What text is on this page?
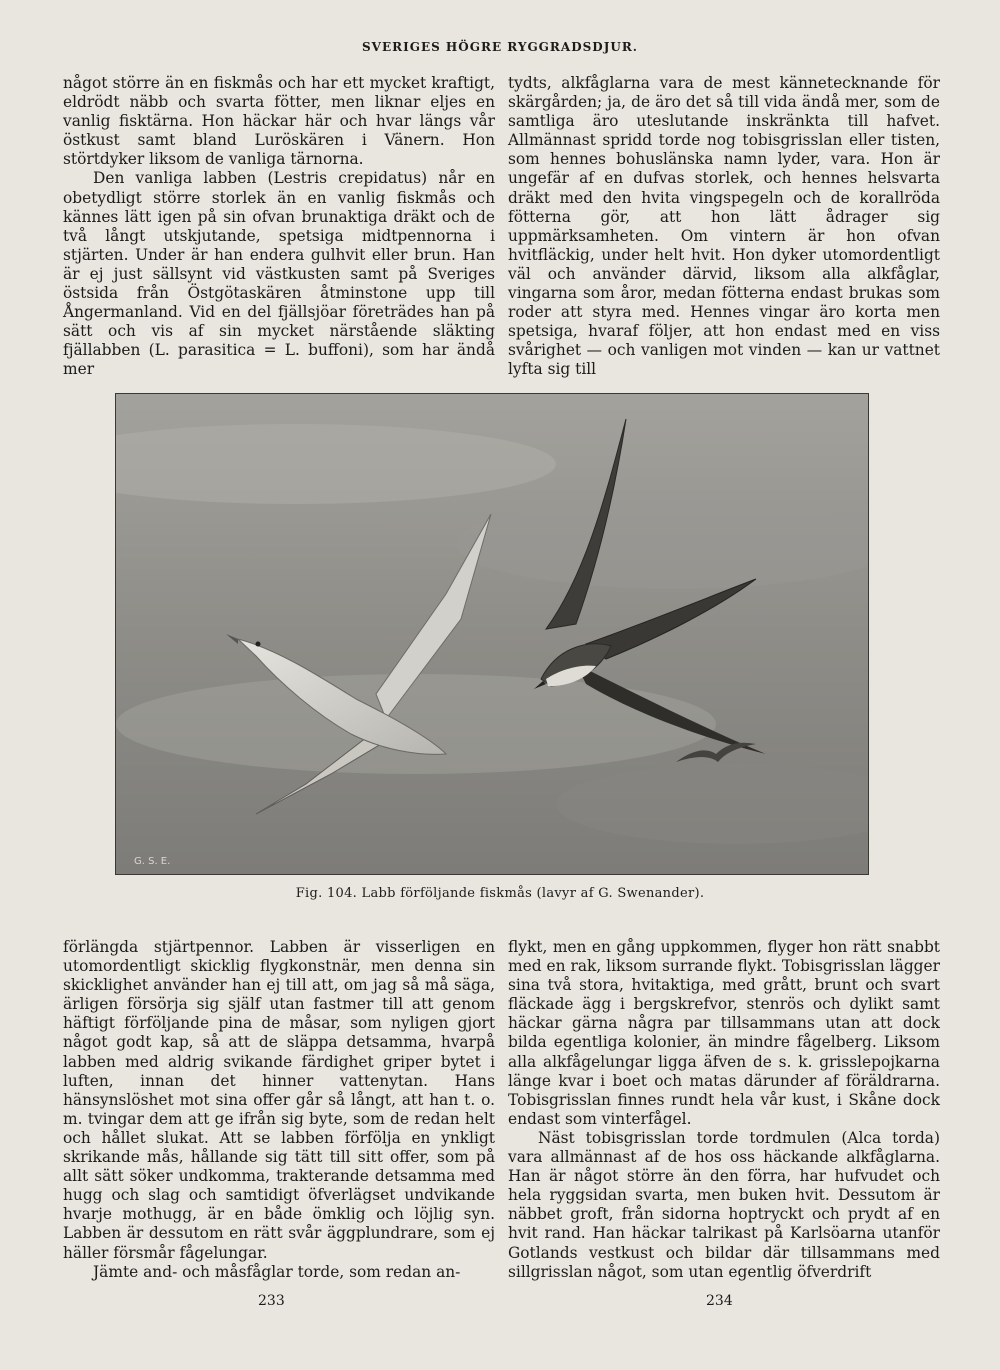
SVERIGES HÖGRE RYGGRADSDJUR.

något större än en fiskmås och har ett mycket kraftigt, eldrödt näbb och svarta fötter, men liknar eljes en vanlig fisktärna. Hon häckar här och hvar längs vår östkust samt bland Luröskären i Vänern. Hon störtdyker liksom de vanliga tärnorna.

Den vanliga labben (Lestris crepidatus) når en obetydligt större storlek än en vanlig fiskmås och kännes lätt igen på sin ofvan brunaktiga dräkt och de två långt utskjutande, spetsiga midtpennorna i stjärten. Under är han endera gulhvit eller brun. Han är ej just sällsynt vid västkusten samt på Sveriges östsida från Östgötaskären åtminstone upp till Ångermanland. Vid en del fjällsjöar företrädes han på sätt och vis af sin mycket närstående släkting fjällabben (L. parasitica = L. buffoni), som har ändå mer

tydts, alkfåglarna vara de mest kännetecknande för skärgården; ja, de äro det så till vida ändå mer, som de samtliga äro uteslutande inskränkta till hafvet. Allmännast spridd torde nog tobisgrisslan eller tisten, som hennes bohuslänska namn lyder, vara. Hon är ungefär af en dufvas storlek, och hennes helsvarta dräkt med den hvita vingspegeln och de korallröda fötterna gör, att hon lätt ådrager sig uppmärksamheten. Om vintern är hon ofvan hvitfläckig, under helt hvit. Hon dyker utomordentligt väl och använder därvid, liksom alla alkfåglar, vingarna som åror, medan fötterna endast brukas som roder att styra med. Hennes vingar äro korta men spetsiga, hvaraf följer, att hon endast med en viss svårighet — och vanligen mot vinden — kan ur vattnet lyfta sig till

G. S. E.
Fig. 104. Labb förföljande fiskmås (lavyr af G. Swenander).

förlängda stjärtpennor. Labben är visserligen en utomordentligt skicklig flygkonstnär, men denna sin skicklighet använder han ej till att, om jag så må säga, ärligen försörja sig själf utan fastmer till att genom häftigt förföljande pina de måsar, som nyligen gjort något godt kap, så att de släppa detsamma, hvarpå labben med aldrig svikande färdighet griper bytet i luften, innan det hinner vattenytan. Hans hänsynslöshet mot sina offer går så långt, att han t. o. m. tvingar dem att ge ifrån sig byte, som de redan helt och hållet slukat. Att se labben förfölja en ynkligt skrikande mås, hållande sig tätt till sitt offer, som på allt sätt söker undkomma, trakterande detsamma med hugg och slag och samtidigt öfverlägset undvikande hvarje mothugg, är en både ömklig och löjlig syn. Labben är dessutom en rätt svår äggplundrare, som ej häller försmår fågelungar.

Jämte and- och måsfåglar torde, som redan an-

flykt, men en gång uppkommen, flyger hon rätt snabbt med en rak, liksom surrande flykt. Tobisgrisslan lägger sina två stora, hvitaktiga, med grått, brunt och svart fläckade ägg i bergskrefvor, stenrös och dylikt samt häckar gärna några par tillsammans utan att dock bilda egentliga kolonier, än mindre fågelberg. Liksom alla alkfågelungar ligga äfven de s. k. grisslepojkarna länge kvar i boet och matas därunder af föräldrarna. Tobisgrisslan finnes rundt hela vår kust, i Skåne dock endast som vinterfågel.

Näst tobisgrisslan torde tordmulen (Alca torda) vara allmännast af de hos oss häckande alkfåglarna. Han är något större än den förra, har hufvudet och hela ryggsidan svarta, men buken hvit. Dessutom är näbbet groft, från sidorna hoptryckt och prydt af en hvit rand. Han häckar talrikast på Karlsöarna utanför Gotlands vestkust och bildar där tillsammans med sillgrisslan något, som utan egentlig öfverdrift

233	234
